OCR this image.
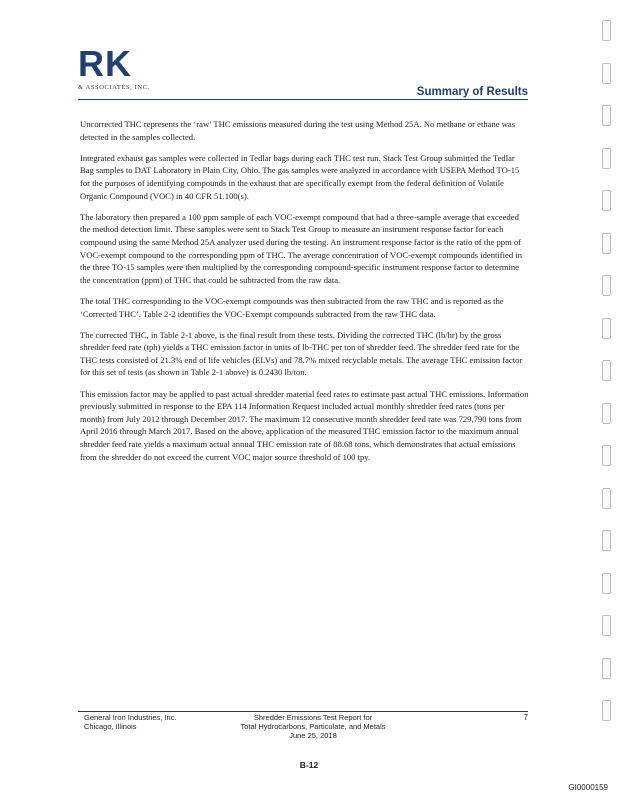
RK
& ASSOCIATES, INC.	Summary of Results

Uncorrected THC represents the ‘raw’ THC emissions measured during the test using Method 25A. No methane or ethane was detected in the samples collected.

Integrated exhaust gas samples were collected in Tedlar bags during each THC test run. Stack Test Group submitted the Tedlar Bag samples to DAT Laboratory in Plain City, Ohio. The gas samples were analyzed in accordance with USEPA Method TO-15 for the purposes of identifying compounds in the exhaust that are specifically exempt from the federal definition of Volatile Organic Compound (VOC) in 40 CFR 51.100(s).

The laboratory then prepared a 100 ppm sample of each VOC-exempt compound that had a three-sample average that exceeded the method detection limit. These samples were sent to Stack Test Group to measure an instrument response factor for each compound using the same Method 25A analyzer used during the testing. An instrument response factor is the ratio of the ppm of VOC-exempt compound to the corresponding ppm of THC. The average concentration of VOC-exempt compounds identified in the three TO-15 samples were then multiplied by the corresponding compound-specific instrument response factor to determine the concentration (ppm) of THC that could be subtracted from the raw data.

The total THC corresponding to the VOC-exempt compounds was then subtracted from the raw THC and is reported as the ‘Corrected THC’. Table 2-2 identifies the VOC-Exempt compounds subtracted from the raw THC data.

The corrected THC, in Table 2-1 above, is the final result from these tests. Dividing the corrected THC (lb/hr) by the gross shredder feed rate (tph) yields a THC emission factor in units of lb-THC per ton of shredder feed. The shredder feed rate for the THC tests consisted of 21.3% end of life vehicles (ELVs) and 78.7% mixed recyclable metals. The average THC emission factor for this set of tests (as shown in Table 2-1 above) is 0.2430 lb/ton.

This emission factor may be applied to past actual shredder material feed rates to estimate past actual THC emissions. Information previously submitted in response to the EPA 114 Information Request included actual monthly shredder feed rates (tons per month) from July 2012 through December 2017. The maximum 12 consecutive month shredder feed rate was 729,790 tons from April 2016 through March 2017. Based on the above, application of the measured THC emission factor to the maximum annual shredder feed rate yields a maximum actual annual THC emission rate of 88.68 tons, which demonstrates that actual emissions from the shredder do not exceed the current VOC major source threshold of 100 tpy.

General Iron Industries, Inc.
Chicago, Illinois
Shredder Emissions Test Report for
Total Hydrocarbons, Particulate, and Metals
June 25, 2018
7
B-12
GI0000159
